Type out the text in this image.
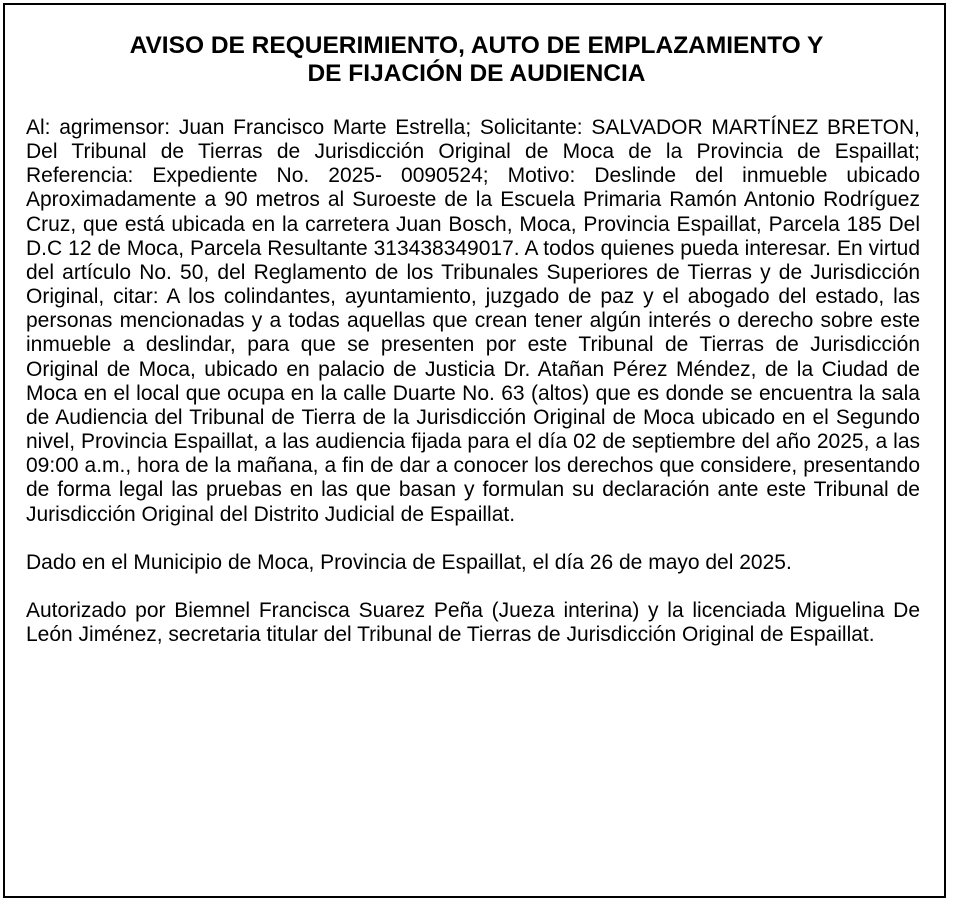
AVISO DE REQUERIMIENTO, AUTO DE EMPLAZAMIENTO Y
DE FIJACIÓN DE AUDIENCIA

Al: agrimensor: Juan Francisco Marte Estrella; Solicitante: SALVADOR MARTÍNEZ BRETON, Del Tribunal de Tierras de Jurisdicción Original de Moca de la Provincia de Espaillat; Referencia: Expediente No. 2025- 0090524; Motivo: Deslinde del inmueble ubicado Aproximadamente a 90 metros al Suroeste de la Escuela Primaria Ramón Antonio Rodríguez Cruz, que está ubicada en la carretera Juan Bosch, Moca, Provincia Espaillat, Parcela 185 Del D.C 12 de Moca, Parcela Resultante 313438349017. A todos quienes pueda interesar. En virtud del artículo No. 50, del Reglamento de los Tribunales Superiores de Tierras y de Jurisdicción Original, citar: A los colindantes, ayuntamiento, juzgado de paz y el abogado del estado, las personas mencionadas y a todas aquellas que crean tener algún interés o derecho sobre este inmueble a deslindar, para que se presenten por este Tribunal de Tierras de Jurisdicción Original de Moca, ubicado en palacio de Justicia Dr. Atañan Pérez Méndez, de la Ciudad de Moca en el local que ocupa en la calle Duarte No. 63 (altos) que es donde se encuentra la sala de Audiencia del Tribunal de Tierra de la Jurisdicción Original de Moca ubicado en el Segundo nivel, Provincia Espaillat, a las audiencia fijada para el día 02 de septiembre del año 2025, a las 09:00 a.m., hora de la mañana, a fin de dar a conocer los derechos que considere, presentando de forma legal las pruebas en las que basan y formulan su declaración ante este Tribunal de Jurisdicción Original del Distrito Judicial de Espaillat.

Dado en el Municipio de Moca, Provincia de Espaillat, el día 26 de mayo del 2025.

Autorizado por Biemnel Francisca Suarez Peña (Jueza interina) y la licenciada Miguelina De León Jiménez, secretaria titular del Tribunal de Tierras de Jurisdicción Original de Espaillat.
